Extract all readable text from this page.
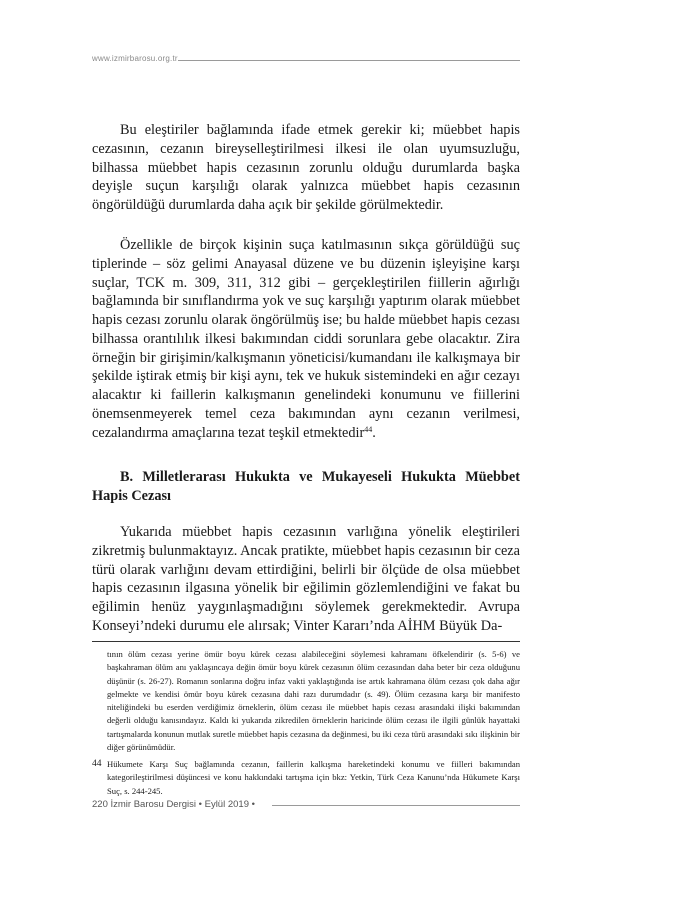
www.izmirbarosu.org.tr

Bu eleştiriler bağlamında ifade etmek gerekir ki; müebbet hapis cezasının, cezanın bireyselleştirilmesi ilkesi ile olan uyumsuzluğu, bilhassa müebbet hapis cezasının zorunlu olduğu durumlarda başka deyişle suçun karşılığı olarak yalnızca müebbet hapis cezasının öngörüldüğü durumlarda daha açık bir şekilde görülmektedir.

Özellikle de birçok kişinin suça katılmasının sıkça görüldüğü suç tiplerinde – söz gelimi Anayasal düzene ve bu düzenin işleyişine karşı suçlar, TCK m. 309, 311, 312 gibi – gerçekleştirilen fiillerin ağırlığı bağlamında bir sınıflandırma yok ve suç karşılığı yaptırım olarak müebbet hapis cezası zorunlu olarak öngörülmüş ise; bu halde müebbet hapis cezası bilhassa orantılılık ilkesi bakımından ciddi sorunlara gebe olacaktır. Zira örneğin bir girişimin/kalkışmanın yöneticisi/kumandanı ile kalkışmaya bir şekilde iştirak etmiş bir kişi aynı, tek ve hukuk sistemindeki en ağır cezayı alacaktır ki faillerin kalkışmanın genelindeki konumunu ve fiillerini önemsenmeyerek temel ceza bakımından aynı cezanın verilmesi, cezalandırma amaçlarına tezat teşkil etmektedir$^{44}$.

B. Milletlerarası Hukukta ve Mukayeseli Hukukta Müebbet Hapis Cezası

Yukarıda müebbet hapis cezasının varlığına yönelik eleştirileri zikretmiş bulunmaktayız. Ancak pratikte, müebbet hapis cezasının bir ceza türü olarak varlığını devam ettirdiğini, belirli bir ölçüde de olsa müebbet hapis cezasının ilgasına yönelik bir eğilimin gözlemlendiğini ve fakat bu eğilimin henüz yaygınlaşmadığını söylemek gerekmektedir. Avrupa Konseyi’ndeki durumu ele alırsak; Vinter Kararı’nda AİHM Büyük Da-

tının ölüm cezası yerine ömür boyu kürek cezası alabileceğini söylemesi kahramanı öfkelendirir (s. 5-6) ve başkahraman ölüm anı yaklaşıncaya değin ömür boyu kürek cezasının ölüm cezasından daha beter bir ceza olduğunu düşünür (s. 26-27). Romanın sonlarına doğru infaz vakti yaklaştığında ise artık kahramana ölüm cezası çok daha ağır gelmekte ve kendisi ömür boyu kürek cezasına dahi razı durumdadır (s. 49). Ölüm cezasına karşı bir manifesto niteliğindeki bu eserden verdiğimiz örneklerin, ölüm cezası ile müebbet hapis cezası arasındaki ilişki bakımından değerli olduğu kanısındayız. Kaldı ki yukarıda zikredilen örneklerin haricinde ölüm cezası ile ilgili günlük hayattaki tartışmalarda konunun mutlak suretle müebbet hapis cezasına da değinmesi, bu iki ceza türü arasındaki sıkı ilişkinin bir diğer görünümüdür.

44 Hükumete Karşı Suç bağlamında cezanın, faillerin kalkışma hareketindeki konumu ve fiilleri bakımından kategorileştirilmesi düşüncesi ve konu hakkındaki tartışma için bkz: Yetkin, Türk Ceza Kanunu’nda Hükumete Karşı Suç, s. 244-245.

220 İzmir Barosu Dergisi • Eylül 2019 •
